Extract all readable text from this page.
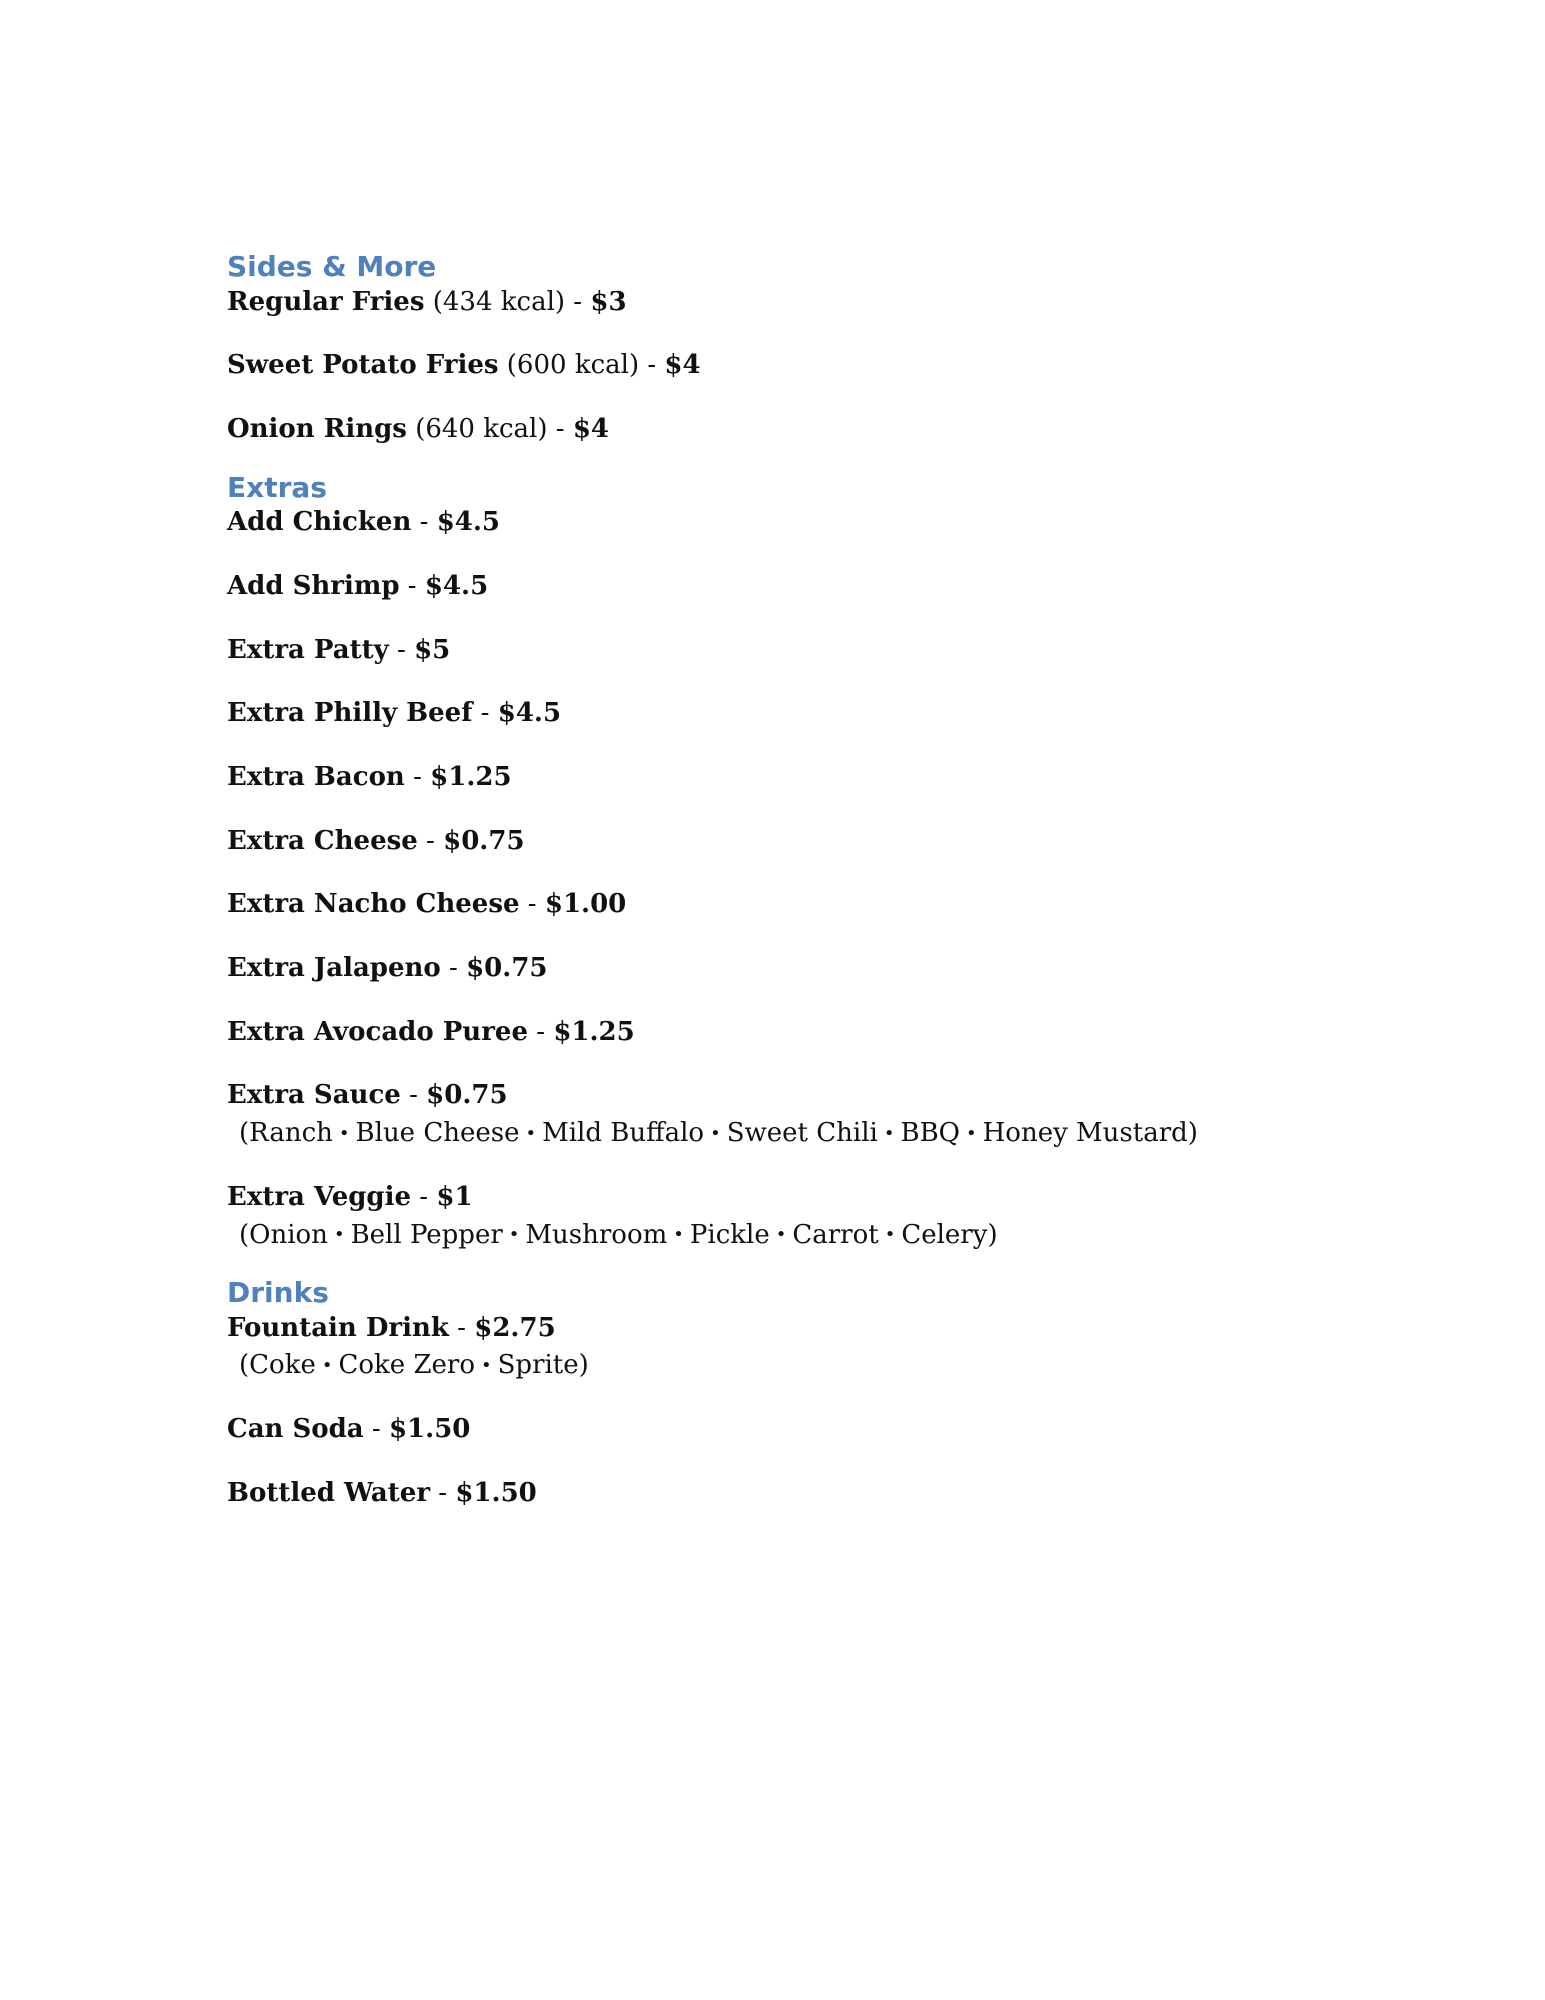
Sides & More
Regular Fries (434 kcal) - $3
Sweet Potato Fries (600 kcal) - $4
Onion Rings (640 kcal) - $4
Extras
Add Chicken - $4.5
Add Shrimp - $4.5
Extra Patty - $5
Extra Philly Beef - $4.5
Extra Bacon - $1.25
Extra Cheese - $0.75
Extra Nacho Cheese - $1.00
Extra Jalapeno - $0.75
Extra Avocado Puree - $1.25
Extra Sauce - $0.75
(Ranch • Blue Cheese • Mild Buffalo • Sweet Chili • BBQ • Honey Mustard)
Extra Veggie - $1
(Onion • Bell Pepper • Mushroom • Pickle • Carrot • Celery)
Drinks
Fountain Drink - $2.75
(Coke • Coke Zero • Sprite)
Can Soda - $1.50
Bottled Water - $1.50
